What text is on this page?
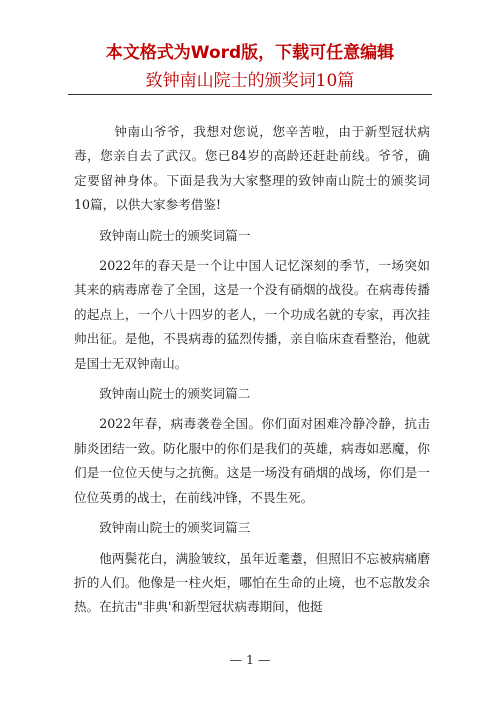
本文格式为Word版，下载可任意编辑
致钟南山院士的颁奖词10篇

钟南山爷爷，我想对您说，您辛苦啦，由于新型冠状病毒，您亲自去了武汉。您已84岁的高龄还赶赴前线。爷爷，确定要留神身体。下面是我为大家整理的致钟南山院士的颁奖词10篇，以供大家参考借鉴!

致钟南山院士的颁奖词篇一

2022年的春天是一个让中国人记忆深刻的季节，一场突如其来的病毒席卷了全国，这是一个没有硝烟的战役。在病毒传播的起点上，一个八十四岁的老人，一个功成名就的专家，再次挂帅出征。是他，不畏病毒的猛烈传播，亲自临床查看整治，他就是国士无双钟南山。

致钟南山院士的颁奖词篇二

2022年春，病毒袭卷全国。你们面对困难冷静冷静，抗击肺炎团结一致。防化服中的你们是我们的英雄，病毒如恶魔，你们是一位位天使与之抗衡。这是一场没有硝烟的战场，你们是一位位英勇的战士，在前线冲锋，不畏生死。

致钟南山院士的颁奖词篇三

他两鬓花白，满脸皱纹，虽年近耄耋，但照旧不忘被病痛磨折的人们。他像是一柱火炬，哪怕在生命的止境，也不忘散发余热。在抗击"非典'和新型冠状病毒期间，他挺

— 1 —
